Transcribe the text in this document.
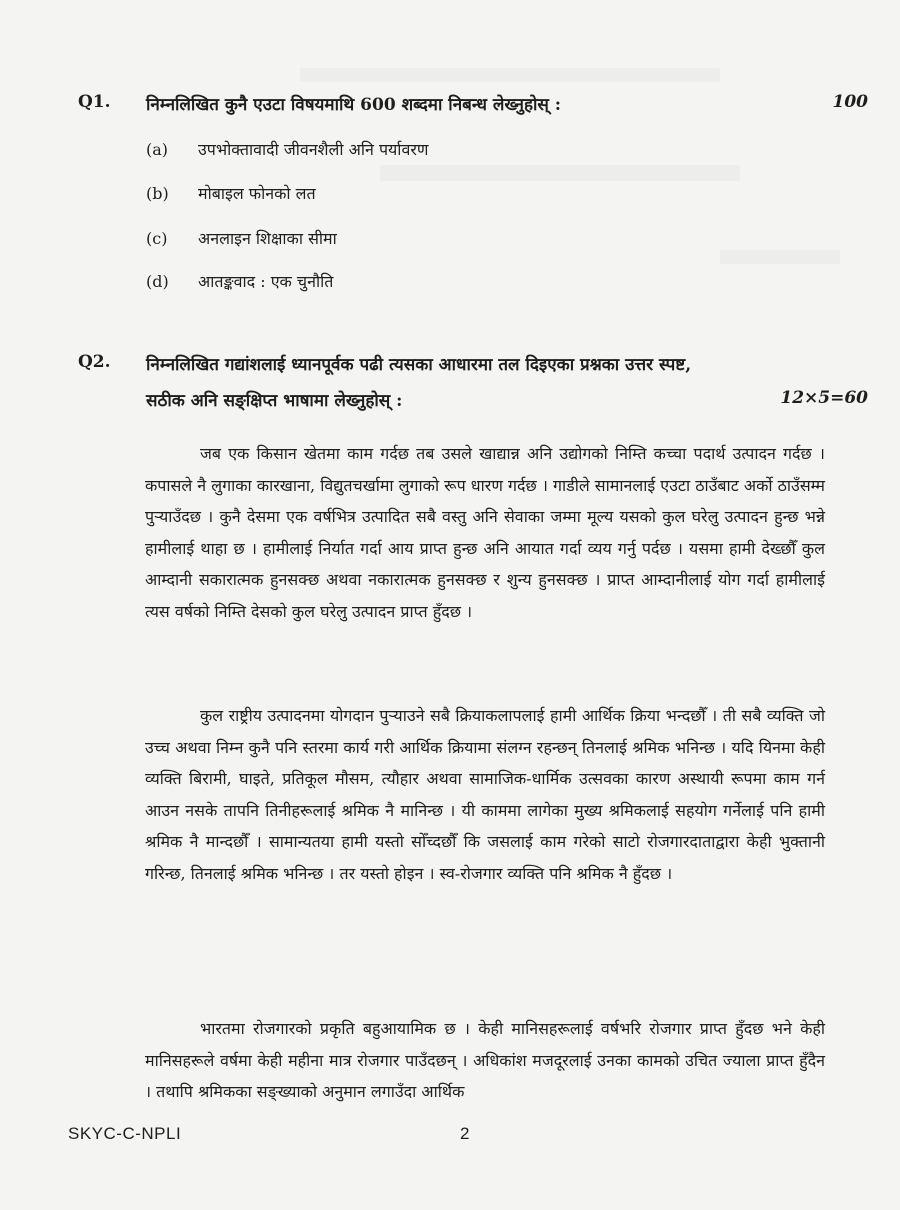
Q1. निम्नलिखित कुनै एउटा विषयमाथि 600 शब्दमा निबन्ध लेख्नुहोस् :	100
(a) उपभोक्तावादी जीवनशैली अनि पर्यावरण
(b) मोबाइल फोनको लत
(c) अनलाइन शिक्षाका सीमा
(d) आतङ्कवाद : एक चुनौति
Q2. निम्नलिखित गद्यांशलाई ध्यानपूर्वक पढी त्यसका आधारमा तल दिइएका प्रश्नका उत्तर स्पष्ट,
सठीक अनि सङ्क्षिप्त भाषामा लेख्नुहोस् :	12×5=60

जब एक किसान खेतमा काम गर्दछ तब उसले खाद्यान्न अनि उद्योगको निम्ति कच्चा पदार्थ उत्पादन गर्दछ । कपासले नै लुगाका कारखाना, विद्युतचर्खामा लुगाको रूप धारण गर्दछ । गाडीले सामानलाई एउटा ठाउँबाट अर्को ठाउँसम्म पुऱ्याउँदछ । कुनै देसमा एक वर्षभित्र उत्पादित सबै वस्तु अनि सेवाका जम्मा मूल्य यसको कुल घरेलु उत्पादन हुन्छ भन्ने हामीलाई थाहा छ । हामीलाई निर्यात गर्दा आय प्राप्त हुन्छ अनि आयात गर्दा व्यय गर्नु पर्दछ । यसमा हामी देख्छौँ कुल आम्दानी सकारात्मक हुनसक्छ अथवा नकारात्मक हुनसक्छ र शुन्य हुनसक्छ । प्राप्त आम्दानीलाई योग गर्दा हामीलाई त्यस वर्षको निम्ति देसको कुल घरेलु उत्पादन प्राप्त हुँदछ ।

कुल राष्ट्रीय उत्पादनमा योगदान पुऱ्याउने सबै क्रियाकलापलाई हामी आर्थिक क्रिया भन्दछौँ । ती सबै व्यक्ति जो उच्च अथवा निम्न कुनै पनि स्तरमा कार्य गरी आर्थिक क्रियामा संलग्न रहन्छन् तिनलाई श्रमिक भनिन्छ । यदि यिनमा केही व्यक्ति बिरामी, घाइते, प्रतिकूल मौसम, त्यौहार अथवा सामाजिक-धार्मिक उत्सवका कारण अस्थायी रूपमा काम गर्न आउन नसके तापनि तिनीहरूलाई श्रमिक नै मानिन्छ । यी काममा लागेका मुख्य श्रमिकलाई सहयोग गर्नेलाई पनि हामी श्रमिक नै मान्दछौँ । सामान्यतया हामी यस्तो सोँच्दछौँ कि जसलाई काम गरेको साटो रोजगारदाताद्वारा केही भुक्तानी गरिन्छ, तिनलाई श्रमिक भनिन्छ । तर यस्तो होइन । स्व-रोजगार व्यक्ति पनि श्रमिक नै हुँदछ ।

भारतमा रोजगारको प्रकृति बहुआयामिक छ । केही मानिसहरूलाई वर्षभरि रोजगार प्राप्त हुँदछ भने केही मानिसहरूले वर्षमा केही महीना मात्र रोजगार पाउँदछन् । अधिकांश मजदूरलाई उनका कामको उचित ज्याला प्राप्त हुँदैन । तथापि श्रमिकका सङ्ख्याको अनुमान लगाउँदा आर्थिक

SKYC-C-NPLI	2
